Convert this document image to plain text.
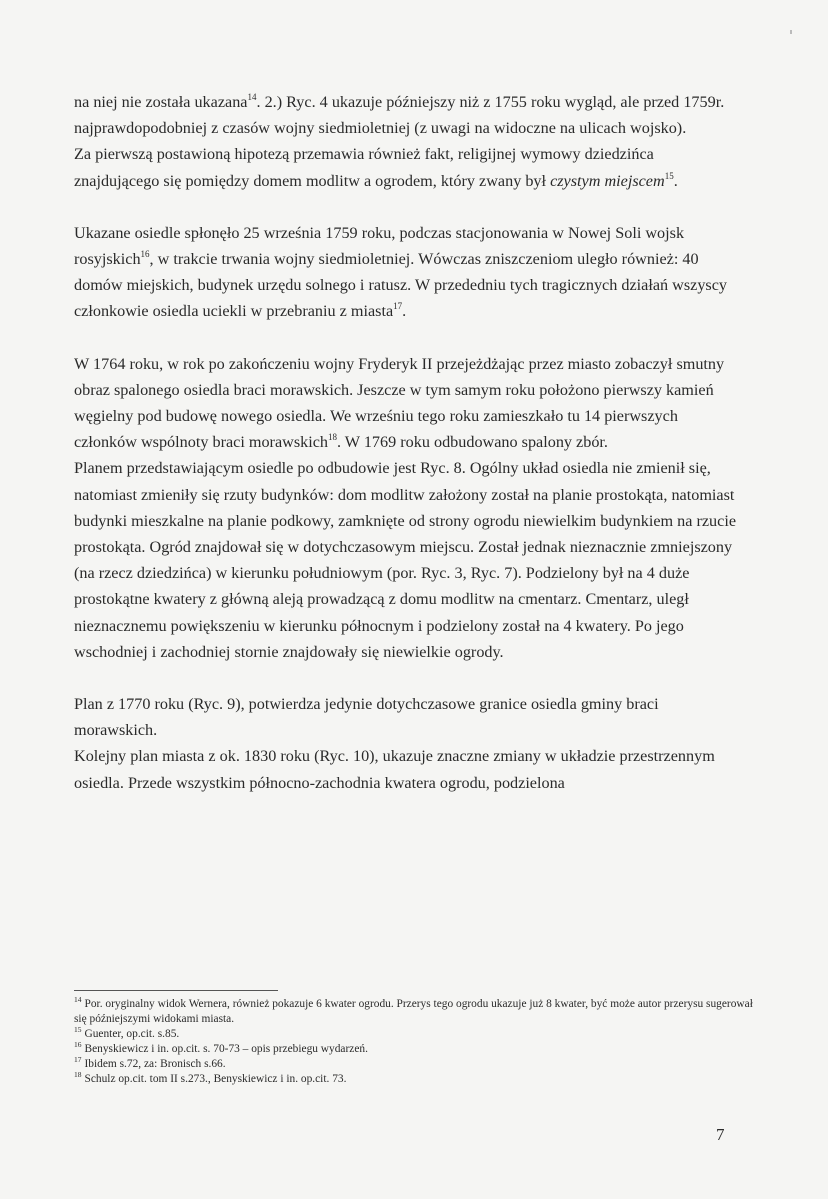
na niej nie została ukazana$^{14}$. 2.) Ryc. 4 ukazuje późniejszy niż z 1755 roku wygląd, ale przed 1759r. najprawdopodobniej z czasów wojny siedmioletniej (z uwagi na widoczne na ulicach wojsko).

Za pierwszą postawioną hipotezą przemawia również fakt, religijnej wymowy dziedzińca znajdującego się pomiędzy domem modlitw a ogrodem, który zwany był czystym miejscem$^{15}$.

Ukazane osiedle spłonęło 25 września 1759 roku, podczas stacjonowania w Nowej Soli wojsk rosyjskich$^{16}$, w trakcie trwania wojny siedmioletniej. Wówczas zniszczeniom uległo również: 40 domów miejskich, budynek urzędu solnego i ratusz. W przededniu tych tragicznych działań wszyscy członkowie osiedla uciekli w przebraniu z miasta$^{17}$.

W 1764 roku, w rok po zakończeniu wojny Fryderyk II przejeżdżając przez miasto zobaczył smutny obraz spalonego osiedla braci morawskich. Jeszcze w tym samym roku położono pierwszy kamień węgielny pod budowę nowego osiedla. We wrześniu tego roku zamieszkało tu 14 pierwszych członków wspólnoty braci morawskich$^{18}$. W 1769 roku odbudowano spalony zbór.

Planem przedstawiającym osiedle po odbudowie jest Ryc. 8. Ogólny układ osiedla nie zmienił się, natomiast zmieniły się rzuty budynków: dom modlitw założony został na planie prostokąta, natomiast budynki mieszkalne na planie podkowy, zamknięte od strony ogrodu niewielkim budynkiem na rzucie prostokąta. Ogród znajdował się w dotychczasowym miejscu. Został jednak nieznacznie zmniejszony (na rzecz dziedzińca) w kierunku południowym (por. Ryc. 3, Ryc. 7). Podzielony był na 4 duże prostokątne kwatery z główną aleją prowadzącą z domu modlitw na cmentarz. Cmentarz, uległ nieznacznemu powiększeniu w kierunku północnym i podzielony został na 4 kwatery. Po jego wschodniej i zachodniej stornie znajdowały się niewielkie ogrody.

Plan z 1770 roku (Ryc. 9), potwierdza jedynie dotychczasowe granice osiedla gminy braci morawskich.

Kolejny plan miasta z ok. 1830 roku (Ryc. 10), ukazuje znaczne zmiany w układzie przestrzennym osiedla. Przede wszystkim północno-zachodnia kwatera ogrodu, podzielona

$^{14}$ Por. oryginalny widok Wernera, również pokazuje 6 kwater ogrodu. Przerys tego ogrodu ukazuje już 8 kwater, być może autor przerysu sugerował się późniejszymi widokami miasta.

$^{15}$ Guenter, op.cit. s.85.

$^{16}$ Benyskiewicz i in. op.cit. s. 70-73 – opis przebiegu wydarzeń.

$^{17}$ Ibidem s.72, za: Bronisch s.66.

$^{18}$ Schulz op.cit. tom II s.273., Benyskiewicz i in. op.cit. 73.

7
